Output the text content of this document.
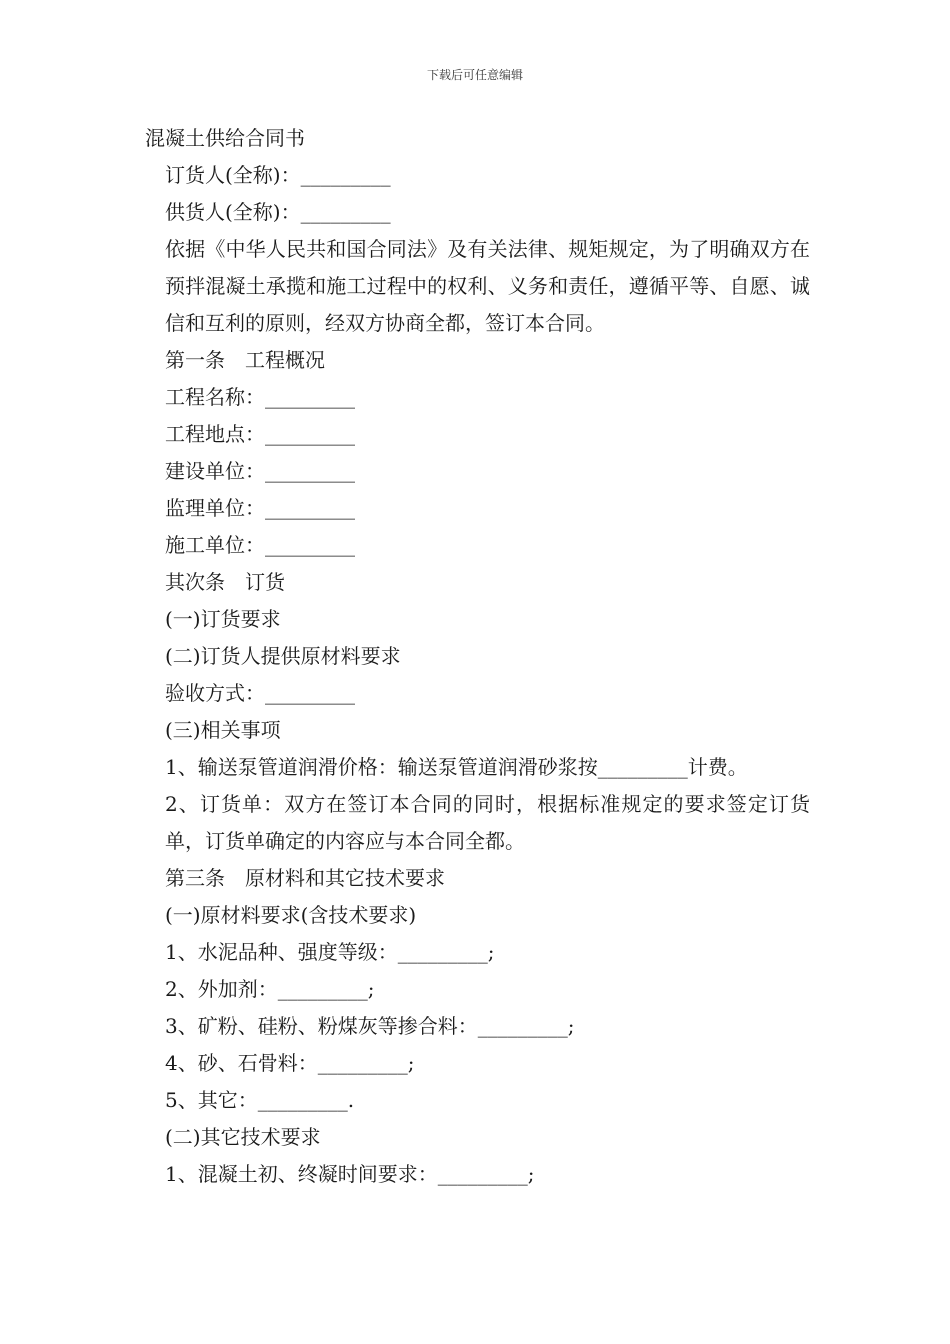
下载后可任意编辑

混凝土供给合同书

订货人(全称)：_________

供货人(全称)：_________

依据《中华人民共和国合同法》及有关法律、规矩规定，为了明确双方在预拌混凝土承揽和施工过程中的权利、义务和责任，遵循平等、自愿、诚信和互利的原则，经双方协商全都，签订本合同。

第一条　工程概况

工程名称：_________

工程地点：_________

建设单位：_________

监理单位：_________

施工单位：_________

其次条　订货

(一)订货要求

(二)订货人提供原材料要求

验收方式：_________

(三)相关事项

1、输送泵管道润滑价格：输送泵管道润滑砂浆按_________计费。

2、订货单：双方在签订本合同的同时，根据标准规定的要求签定订货单，订货单确定的内容应与本合同全都。

第三条　原材料和其它技术要求

(一)原材料要求(含技术要求)

1、水泥品种、强度等级：_________;

2、外加剂：_________;

3、矿粉、硅粉、粉煤灰等掺合料：_________;

4、砂、石骨料：_________;

5、其它：_________.

(二)其它技术要求

1、混凝土初、终凝时间要求：_________;
